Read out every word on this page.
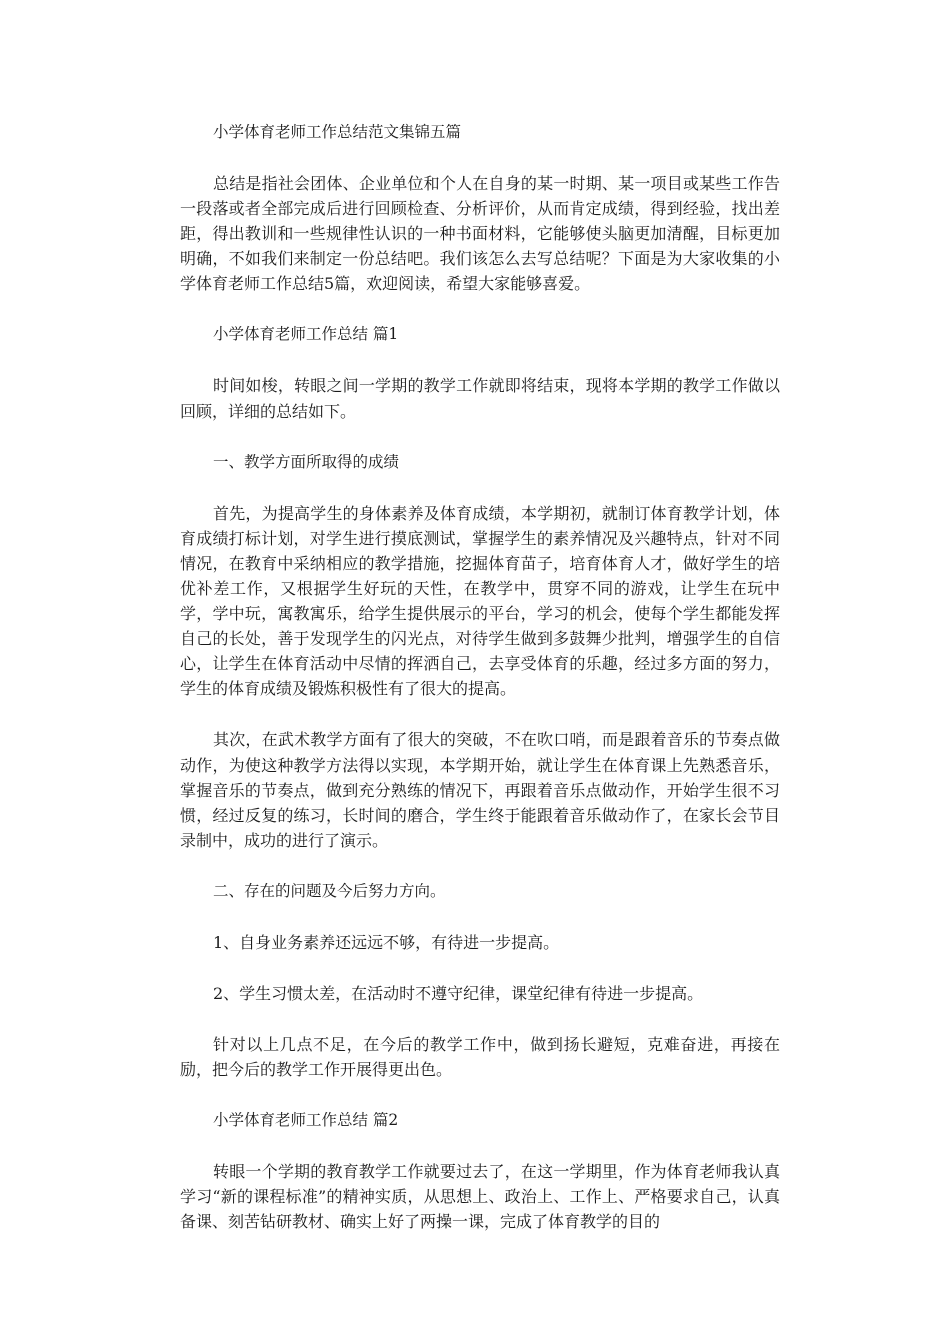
小学体育老师工作总结范文集锦五篇

总结是指社会团体、企业单位和个人在自身的某一时期、某一项目或某些工作告一段落或者全部完成后进行回顾检查、分析评价，从而肯定成绩，得到经验，找出差距，得出教训和一些规律性认识的一种书面材料，它能够使头脑更加清醒，目标更加明确，不如我们来制定一份总结吧。我们该怎么去写总结呢？下面是为大家收集的小学体育老师工作总结5篇，欢迎阅读，希望大家能够喜爱。

小学体育老师工作总结 篇1

时间如梭，转眼之间一学期的教学工作就即将结束，现将本学期的教学工作做以回顾，详细的总结如下。

一、教学方面所取得的成绩

首先，为提高学生的身体素养及体育成绩，本学期初，就制订体育教学计划，体育成绩打标计划，对学生进行摸底测试，掌握学生的素养情况及兴趣特点，针对不同情况，在教育中采纳相应的教学措施，挖掘体育苗子，培育体育人才，做好学生的培优补差工作，又根据学生好玩的天性，在教学中，贯穿不同的游戏，让学生在玩中学，学中玩，寓教寓乐，给学生提供展示的平台，学习的机会，使每个学生都能发挥自己的长处，善于发现学生的闪光点，对待学生做到多鼓舞少批判，增强学生的自信心，让学生在体育活动中尽情的挥洒自己，去享受体育的乐趣，经过多方面的努力，学生的体育成绩及锻炼积极性有了很大的提高。

其次，在武术教学方面有了很大的突破，不在吹口哨，而是跟着音乐的节奏点做动作，为使这种教学方法得以实现，本学期开始，就让学生在体育课上先熟悉音乐，掌握音乐的节奏点，做到充分熟练的情况下，再跟着音乐点做动作，开始学生很不习惯，经过反复的练习，长时间的磨合，学生终于能跟着音乐做动作了，在家长会节目录制中，成功的进行了演示。

二、存在的问题及今后努力方向。

1、自身业务素养还远远不够，有待进一步提高。

2、学生习惯太差，在活动时不遵守纪律，课堂纪律有待进一步提高。

针对以上几点不足，在今后的教学工作中，做到扬长避短，克难奋进，再接在励，把今后的教学工作开展得更出色。

小学体育老师工作总结 篇2

转眼一个学期的教育教学工作就要过去了，在这一学期里，作为体育老师我认真学习“新的课程标准”的精神实质，从思想上、政治上、工作上、严格要求自己，认真备课、刻苦钻研教材、确实上好了两操一课，完成了体育教学的目的
